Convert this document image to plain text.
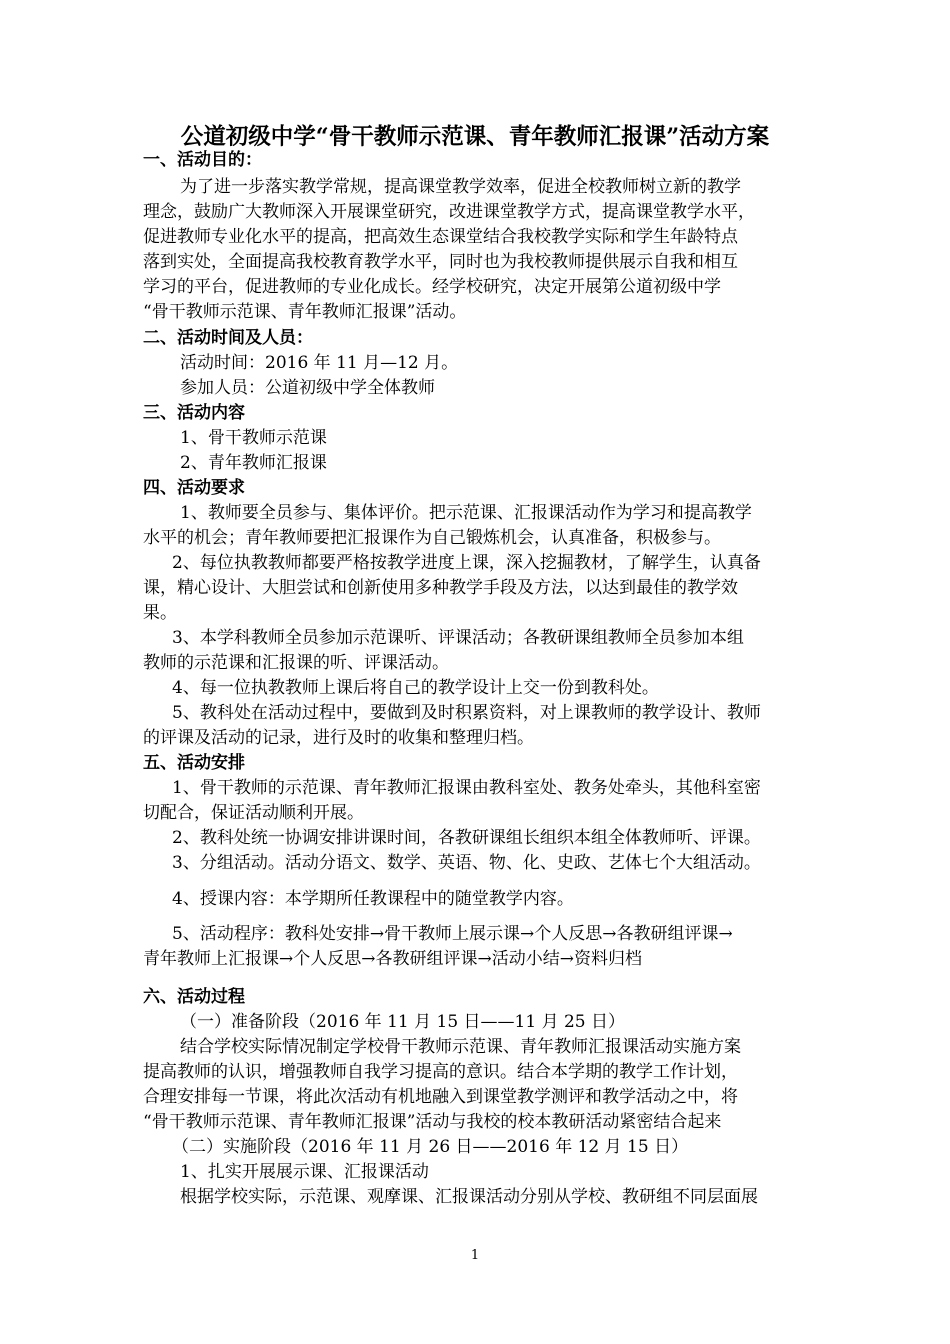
公道初级中学“骨干教师示范课、青年教师汇报课”活动方案
一、活动目的：
为了进一步落实教学常规，提高课堂教学效率，促进全校教师树立新的教学
理念，鼓励广大教师深入开展课堂研究，改进课堂教学方式，提高课堂教学水平，
促进教师专业化水平的提高，把高效生态课堂结合我校教学实际和学生年龄特点
落到实处，全面提高我校教育教学水平，同时也为我校教师提供展示自我和相互
学习的平台，促进教师的专业化成长。经学校研究，决定开展第公道初级中学
“骨干教师示范课、青年教师汇报课”活动。
二、活动时间及人员：
活动时间：2016 年 11 月—12 月。
参加人员：公道初级中学全体教师
三、活动内容
1、骨干教师示范课
2、青年教师汇报课
四、活动要求
1、教师要全员参与、集体评价。把示范课、汇报课活动作为学习和提高教学
水平的机会；青年教师要把汇报课作为自己锻炼机会，认真准备，积极参与。
2、每位执教教师都要严格按教学进度上课，深入挖掘教材，了解学生，认真备
课，精心设计、大胆尝试和创新使用多种教学手段及方法，以达到最佳的教学效
果。
3、本学科教师全员参加示范课听、评课活动；各教研课组教师全员参加本组
教师的示范课和汇报课的听、评课活动。
4、每一位执教教师上课后将自己的教学设计上交一份到教科处。
5、教科处在活动过程中，要做到及时积累资料，对上课教师的教学设计、教师
的评课及活动的记录，进行及时的收集和整理归档。
五、活动安排
1、骨干教师的示范课、青年教师汇报课由教科室处、教务处牵头，其他科室密
切配合，保证活动顺利开展。
2、教科处统一协调安排讲课时间，各教研课组长组织本组全体教师听、评课。
3、分组活动。活动分语文、数学、英语、物、化、史政、艺体七个大组活动。
4、授课内容：本学期所任教课程中的随堂教学内容。
5、活动程序：教科处安排→骨干教师上展示课→个人反思→各教研组评课→
青年教师上汇报课→个人反思→各教研组评课→活动小结→资料归档
六、活动过程
（一）准备阶段（2016 年 11 月 15 日——11 月 25 日）
结合学校实际情况制定学校骨干教师示范课、青年教师汇报课活动实施方案
提高教师的认识，增强教师自我学习提高的意识。结合本学期的教学工作计划，
合理安排每一节课，将此次活动有机地融入到课堂教学测评和教学活动之中，将
“骨干教师示范课、青年教师汇报课”活动与我校的校本教研活动紧密结合起来
（二）实施阶段（2016 年 11 月 26 日——2016 年 12 月 15 日）
1、扎实开展展示课、汇报课活动
根据学校实际，示范课、观摩课、汇报课活动分别从学校、教研组不同层面展
1
